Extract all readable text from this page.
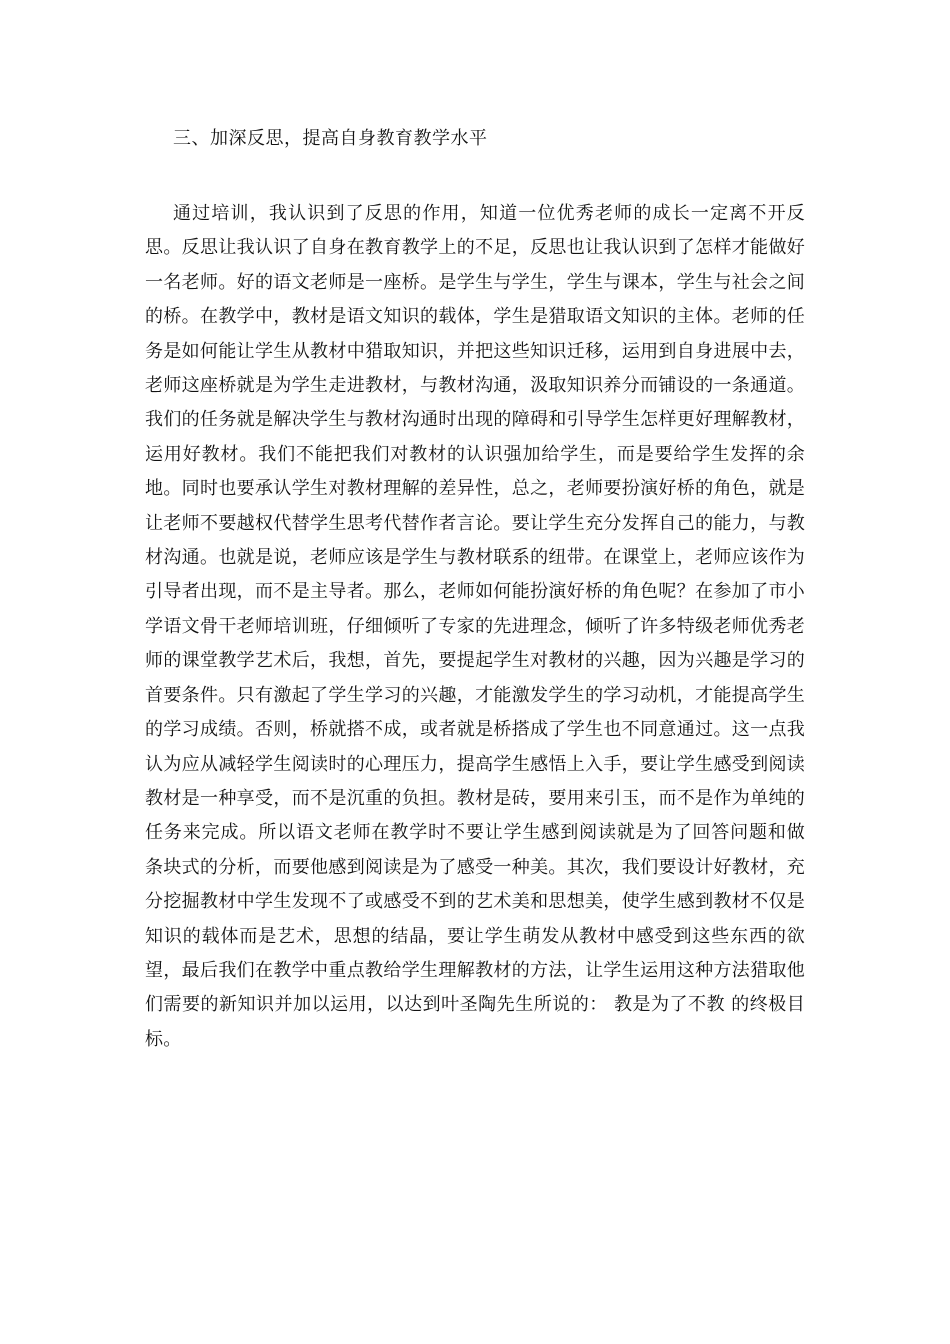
三、加深反思，提高自身教育教学水平

通过培训，我认识到了反思的作用，知道一位优秀老师的成长一定离不开反思。反思让我认识了自身在教育教学上的不足，反思也让我认识到了怎样才能做好一名老师。好的语文老师是一座桥。是学生与学生，学生与课本，学生与社会之间的桥。在教学中，教材是语文知识的载体，学生是猎取语文知识的主体。老师的任务是如何能让学生从教材中猎取知识，并把这些知识迁移，运用到自身进展中去，老师这座桥就是为学生走进教材，与教材沟通，汲取知识养分而铺设的一条通道。我们的任务就是解决学生与教材沟通时出现的障碍和引导学生怎样更好理解教材，运用好教材。我们不能把我们对教材的认识强加给学生，而是要给学生发挥的余地。同时也要承认学生对教材理解的差异性，总之，老师要扮演好桥的角色，就是让老师不要越权代替学生思考代替作者言论。要让学生充分发挥自己的能力，与教材沟通。也就是说，老师应该是学生与教材联系的纽带。在课堂上，老师应该作为引导者出现，而不是主导者。那么，老师如何能扮演好桥的角色呢？在参加了市小学语文骨干老师培训班，仔细倾听了专家的先进理念，倾听了许多特级老师优秀老师的课堂教学艺术后，我想，首先，要提起学生对教材的兴趣，因为兴趣是学习的首要条件。只有激起了学生学习的兴趣，才能激发学生的学习动机，才能提高学生的学习成绩。否则，桥就搭不成，或者就是桥搭成了学生也不同意通过。这一点我认为应从减轻学生阅读时的心理压力，提高学生感悟上入手，要让学生感受到阅读教材是一种享受，而不是沉重的负担。教材是砖，要用来引玉，而不是作为单纯的任务来完成。所以语文老师在教学时不要让学生感到阅读就是为了回答问题和做 条块式的分析，而要他感到阅读是为了感受一种美。其次，我们要设计好教材，充分挖掘教材中学生发现不了或感受不到的艺术美和思想美，使学生感到教材不仅是知识的载体而是艺术，思想的结晶，要让学生萌发从教材中感受到这些东西的欲望，最后我们在教学中重点教给学生理解教材的方法，让学生运用这种方法猎取他们需要的新知识并加以运用，以达到叶圣陶先生所说的： 教是为了不教 的终极目标。
